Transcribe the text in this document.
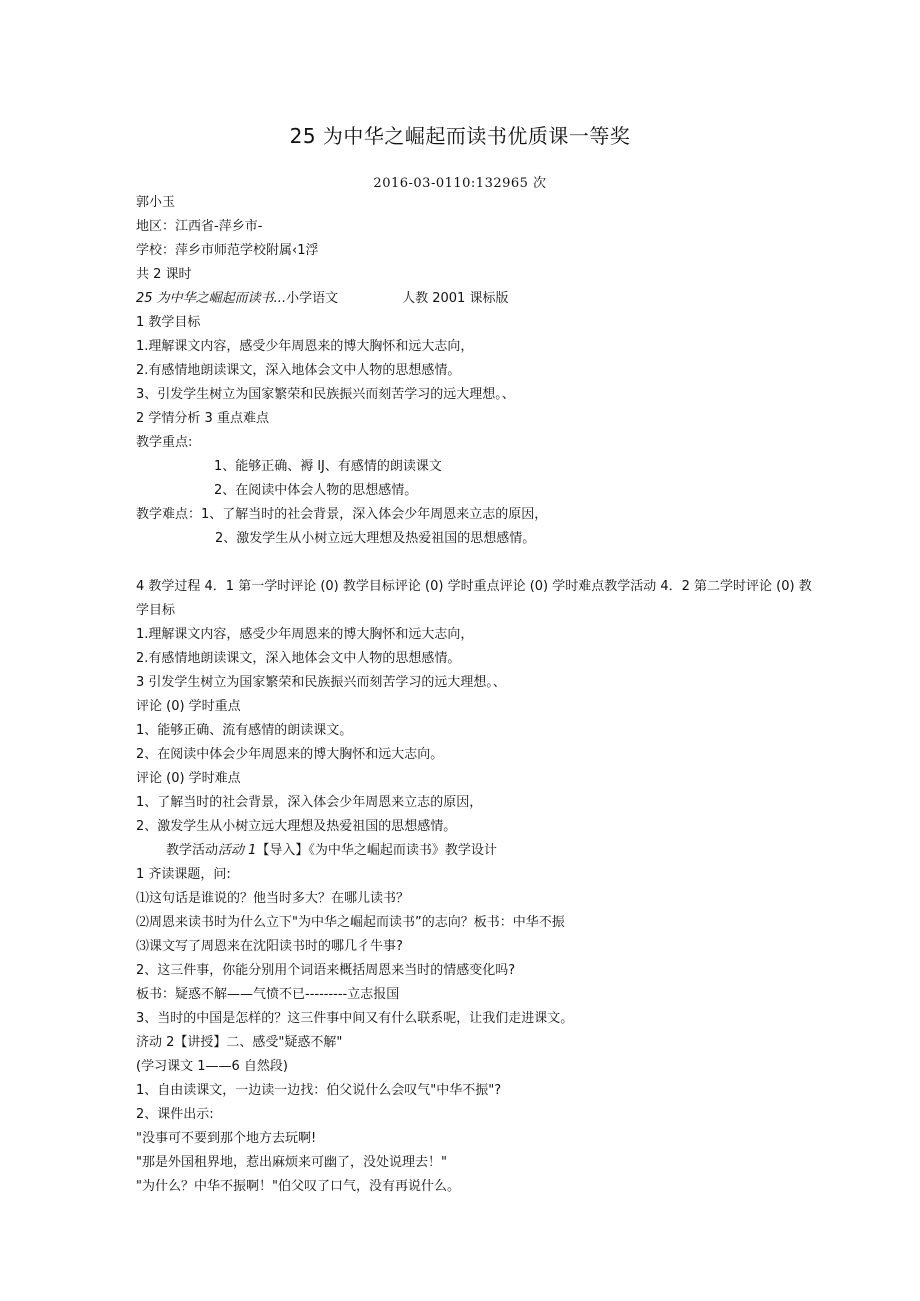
25 为中华之崛起而读书优质课一等奖
2016-03-0110:132965 次
郭小玉
地区：江西省-萍乡市-
学校：萍乡市师范学校附属‹1浮
共 2 课时
25 为中华之崛起而读书...小学语文	人教 2001 课标版
1 教学目标
1.理解课文内容，感受少年周恩来的博大胸怀和远大志向，
2.有感情地朗读课文，深入地体会文中人物的思想感情。
3、引发学生树立为国家繁荣和民族振兴而刻苦学习的远大理想。、
2 学情分析 3 重点难点
教学重点:
1、能够正确、褥 lJ、有感情的朗读课文
2、在阅读中体会人物的思想感情。
教学难点：1、了解当时的社会背景，深入体会少年周恩来立志的原因，
2、激发学生从小树立远大理想及热爱祖国的思想感情。
4 教学过程 4．1 第一学时评论 (0) 教学目标评论 (0) 学时重点评论 (0) 学时难点教学活动 4．2 第二学时评论 (0) 教
学目标
1.理解课文内容，感受少年周恩来的博大胸怀和远大志向，
2.有感情地朗读课文，深入地体会文中人物的思想感情。
3 引发学生树立为国家繁荣和民族振兴而刻苦学习的远大理想。、
评论 (0) 学时重点
1、能够正确、流有感情的朗读课文。
2、在阅读中体会少年周恩来的博大胸怀和远大志向。
评论 (0) 学时难点
1、了解当时的社会背景，深入体会少年周恩来立志的原因，
2、激发学生从小树立远大理想及热爱祖国的思想感情。
教学活动活动 1【导入】《为中华之崛起而读书》教学设计
1 齐读课题，问:
⑴这句话是谁说的？他当时多大？在哪儿读书？
⑵周恩来读书时为什么立下"为中华之崛起而读书”的志向？板书：中华不振
⑶课文写了周恩来在沈阳读书时的哪几彳牛事?
2、这三件事，你能分别用个词语来概括周恩来当时的情感变化吗?
板书：疑惑不解——气愤不已---------立志报国
3、当时的中国是怎样的？这三件事中间又有什么联系呢，让我们走进课文。
济动 2【讲授】二、感受"疑惑不解"
(学习课文 1——6 自然段)
1、自由读课文，一边读一边找：伯父说什么会叹气"中华不振"?
2、课件出示:
"没事可不要到那个地方去玩啊!
"那是外国租界地，惹出麻烦来可幽了，没处说理去！"
"为什么？中华不振啊！"伯父叹了口气，没有再说什么。
